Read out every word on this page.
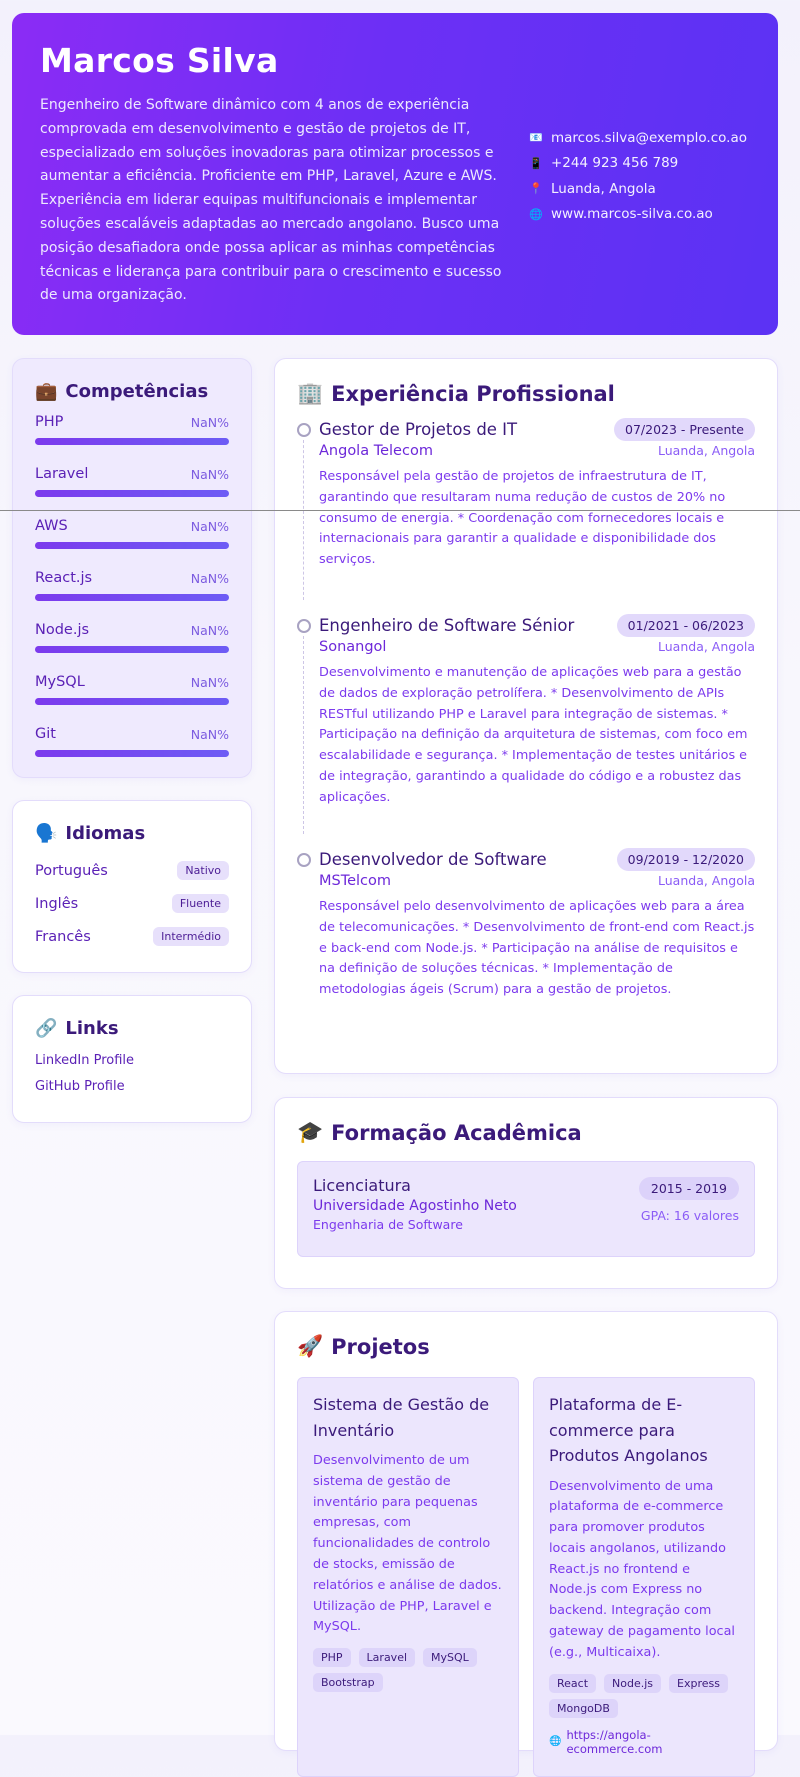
Marcos Silva
Engenheiro de Software dinâmico com 4 anos de experiência comprovada em desenvolvimento e gestão de projetos de IT, especializado em soluções inovadoras para otimizar processos e aumentar a eficiência. Proficiente em PHP, Laravel, Azure e AWS. Experiência em liderar equipas multifuncionais e implementar soluções escaláveis adaptadas ao mercado angolano. Busco uma posição desafiadora onde possa aplicar as minhas competências técnicas e liderança para contribuir para o crescimento e sucesso de uma organização.
📧 marcos.silva@exemplo.co.ao
📱 +244 923 456 789
📍 Luanda, Angola
🌐 www.marcos-silva.co.ao
💼 Competências
PHP	NaN%
Laravel	NaN%
AWS	NaN%
React.js	NaN%
Node.js	NaN%
MySQL	NaN%
Git	NaN%
🗣️ Idiomas
Português	Nativo
Inglês	Fluente
Francês	Intermédio
🔗 Links
LinkedIn Profile
GitHub Profile
🏢 Experiência Profissional
Gestor de Projetos de IT	07/2023 - Presente
Angola Telecom	Luanda, Angola
Responsável pela gestão de projetos de infraestrutura de IT, garantindo que resultaram numa redução de custos de 20% no consumo de energia. * Coordenação com fornecedores locais e internacionais para garantir a qualidade e disponibilidade dos serviços.
Engenheiro de Software Sénior	01/2021 - 06/2023
Sonangol	Luanda, Angola
Desenvolvimento e manutenção de aplicações web para a gestão de dados de exploração petrolífera. * Desenvolvimento de APIs RESTful utilizando PHP e Laravel para integração de sistemas. * Participação na definição da arquitetura de sistemas, com foco em escalabilidade e segurança. * Implementação de testes unitários e de integração, garantindo a qualidade do código e a robustez das aplicações.
Desenvolvedor de Software	09/2019 - 12/2020
MSTelcom	Luanda, Angola
Responsável pelo desenvolvimento de aplicações web para a área de telecomunicações. * Desenvolvimento de front-end com React.js e back-end com Node.js. * Participação na análise de requisitos e na definição de soluções técnicas. * Implementação de metodologias ágeis (Scrum) para a gestão de projetos.
🎓 Formação Acadêmica
Licenciatura
Universidade Agostinho Neto
Engenharia de Software
2015 - 2019
GPA: 16 valores
🚀 Projetos
Sistema de Gestão de Inventário
Desenvolvimento de um sistema de gestão de inventário para pequenas empresas, com funcionalidades de controlo de stocks, emissão de relatórios e análise de dados. Utilização de PHP, Laravel e MySQL.
PHP	Laravel	MySQL
Bootstrap
Plataforma de E-commerce para Produtos Angolanos
Desenvolvimento de uma plataforma de e-commerce para promover produtos locais angolanos, utilizando React.js no frontend e Node.js com Express no backend. Integração com gateway de pagamento local (e.g., Multicaixa).
React	Node.js	Express
MongoDB
🌐 https://angola-ecommerce.com
